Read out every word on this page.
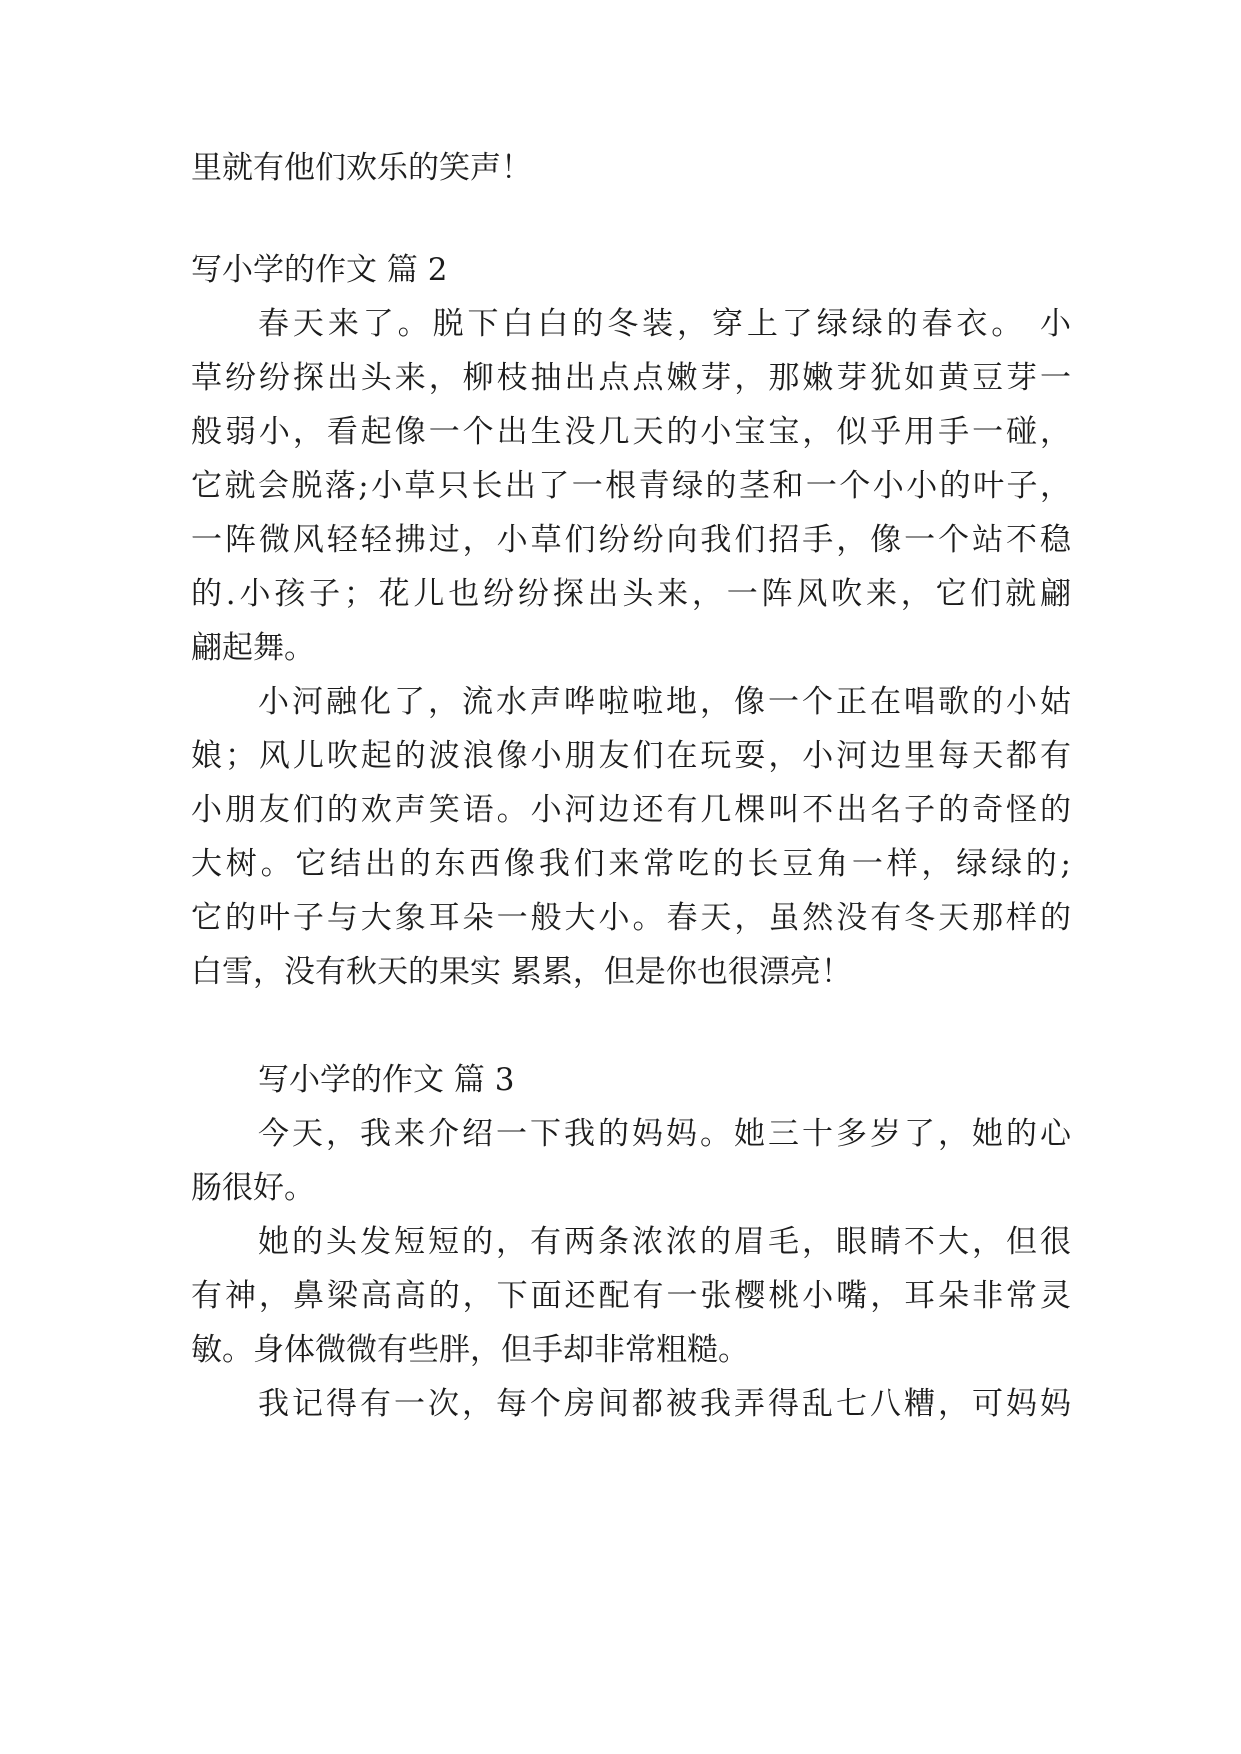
里就有他们欢乐的笑声！
写小学的作文 篇 2
春天来了。脱下白白的冬装，穿上了绿绿的春衣。 小
草纷纷探出头来，柳枝抽出点点嫩芽，那嫩芽犹如黄豆芽一
般弱小，看起像一个出生没几天的小宝宝，似乎用手一碰，
它就会脱落;小草只长出了一根青绿的茎和一个小小的叶子，
一阵微风轻轻拂过，小草们纷纷向我们招手，像一个站不稳
的.小孩子；花儿也纷纷探出头来，一阵风吹来，它们就翩
翩起舞。
小河融化了，流水声哗啦啦地，像一个正在唱歌的小姑
娘；风儿吹起的波浪像小朋友们在玩耍，小河边里每天都有
小朋友们的欢声笑语。小河边还有几棵叫不出名子的奇怪的
大树。它结出的东西像我们来常吃的长豆角一样，绿绿的;
它的叶子与大象耳朵一般大小。春天，虽然没有冬天那样的
白雪，没有秋天的果实 累累，但是你也很漂亮！
写小学的作文 篇 3
今天，我来介绍一下我的妈妈。她三十多岁了，她的心
肠很好。
她的头发短短的，有两条浓浓的眉毛，眼睛不大，但很
有神，鼻梁高高的，下面还配有一张樱桃小嘴，耳朵非常灵
敏。身体微微有些胖，但手却非常粗糙。
我记得有一次，每个房间都被我弄得乱七八糟，可妈妈
